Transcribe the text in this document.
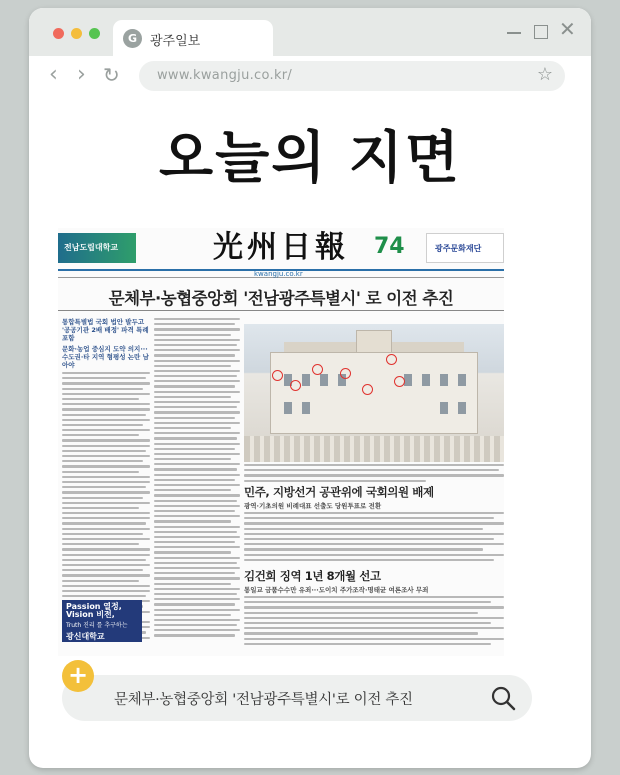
G 광주일보
✕
‹ › ↻	www.kwangju.co.kr/	☆
오늘의 지면
전남도립대학교	光州日報	74	광주문화재단
kwangju.co.kr
문체부·농협중앙회 '전남광주특별시' 로 이전 추진
통합특별법 국회 법안 발두고 '공공기관 2배 배정' 파격 특례 포함
문화·농업 중심지 도약 의지···수도권·타 지역 형평성 논란 남아야
민주, 지방선거 공관위에 국회의원 배제
광역·기초의원 비례대표 선출도 당원투표로 전환
김건희 징역 1년 8개월 선고
통일교 금품수수만 유죄···도이치 주가조작·명태균 여론조사 무죄
Passion 열정, Vision 비전,
Truth 진리 를 추구하는
광신대학교
문체부·농협중앙회 '전남광주특별시'로 이전 추진
+
